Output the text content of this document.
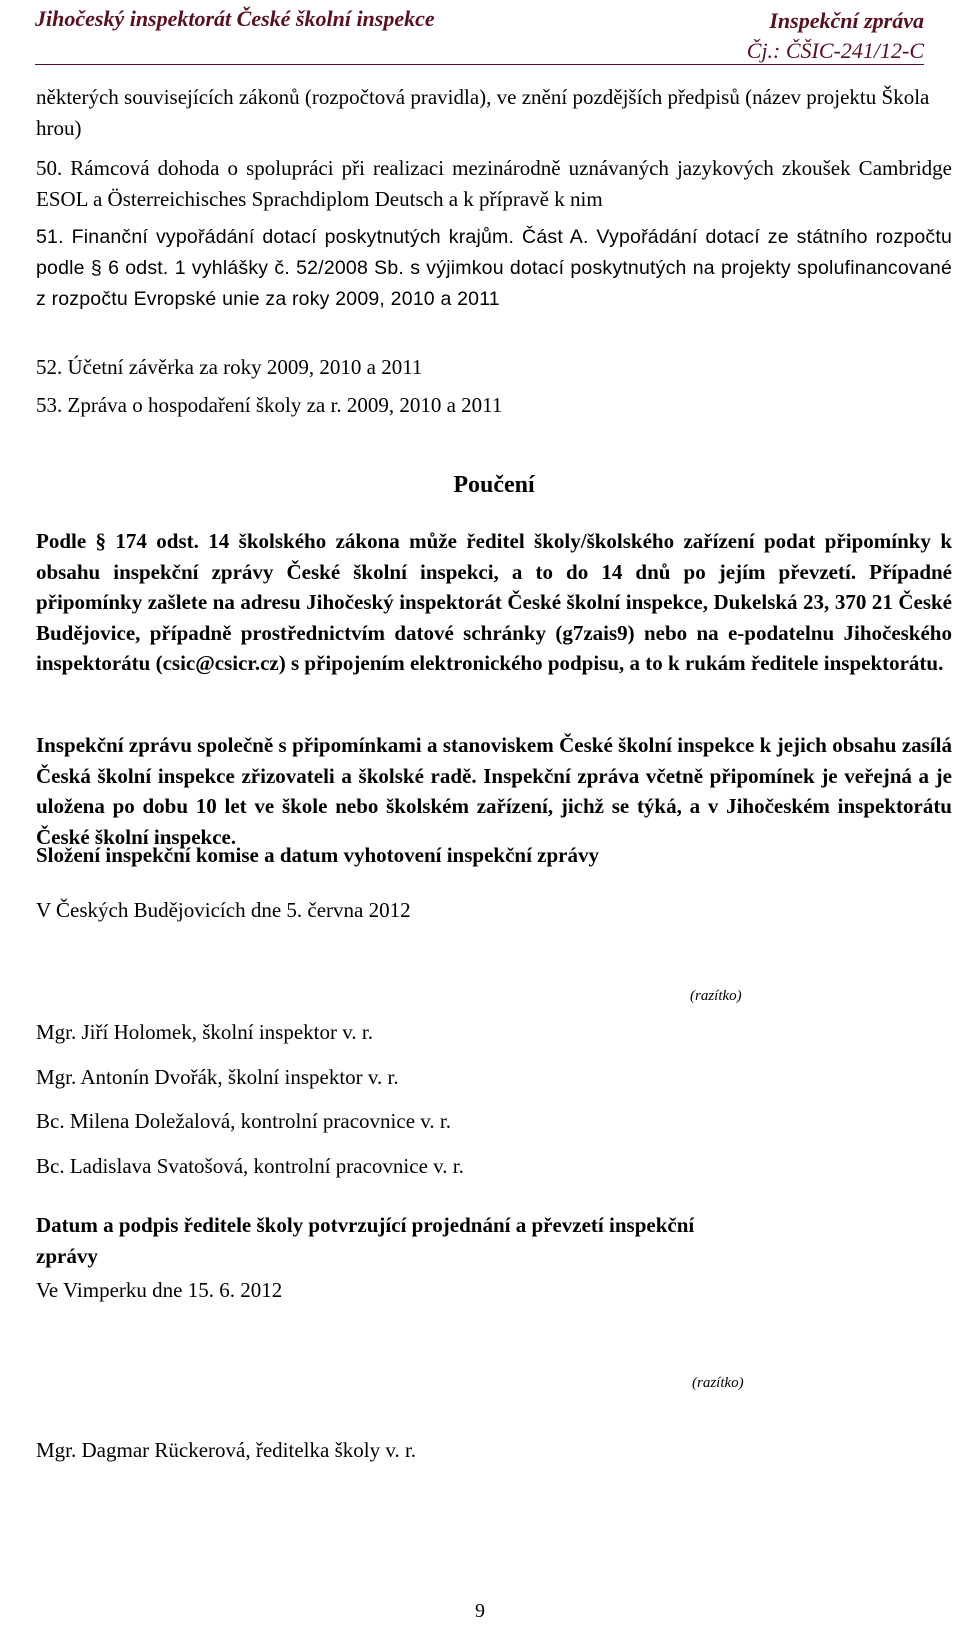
Jihočeský inspektorát České školní inspekce	Inspekční zpráva
Čj.: ČŠIC-241/12-C
některých souvisejících zákonů (rozpočtová pravidla), ve znění pozdějších předpisů (název projektu Škola hrou)
50. Rámcová dohoda o spolupráci při realizaci mezinárodně uznávaných jazykových zkoušek Cambridge ESOL a Österreichisches Sprachdiplom Deutsch a k přípravě k nim
51. Finanční vypořádání dotací poskytnutých krajům. Část A. Vypořádání dotací ze státního rozpočtu podle § 6 odst. 1 vyhlášky č. 52/2008 Sb. s výjimkou dotací poskytnutých na projekty spolufinancované z rozpočtu Evropské unie za roky 2009, 2010 a 2011
52. Účetní závěrka za roky 2009, 2010 a 2011
53. Zpráva o hospodaření školy za r. 2009, 2010 a 2011
Poučení
Podle § 174 odst. 14 školského zákona může ředitel školy/školského zařízení podat připomínky k obsahu inspekční zprávy České školní inspekci, a to do 14 dnů po jejím převzetí. Případné připomínky zašlete na adresu Jihočeský inspektorát České školní inspekce, Dukelská 23, 370 21 České Budějovice, případně prostřednictvím datové schránky (g7zais9) nebo na e-podatelnu Jihočeského inspektorátu (csic@csicr.cz) s připojením elektronického podpisu, a to k rukám ředitele inspektorátu.
Inspekční zprávu společně s připomínkami a stanoviskem České školní inspekce k jejich obsahu zasílá Česká školní inspekce zřizovateli a školské radě. Inspekční zpráva včetně připomínek je veřejná a je uložena po dobu 10 let ve škole nebo školském zařízení, jichž se týká, a v Jihočeském inspektorátu České školní inspekce.
Složení inspekční komise a datum vyhotovení inspekční zprávy
V Českých Budějovicích dne 5. června 2012
(razítko)
Mgr. Jiří Holomek, školní inspektor v. r.
Mgr. Antonín Dvořák, školní inspektor v. r.
Bc. Milena Doležalová, kontrolní pracovnice v. r.
Bc. Ladislava Svatošová, kontrolní pracovnice v. r.
Datum a podpis ředitele školy potvrzující projednání a převzetí inspekční zprávy
Ve Vimperku dne 15. 6. 2012
(razítko)
Mgr. Dagmar Rückerová, ředitelka školy v. r.
9
